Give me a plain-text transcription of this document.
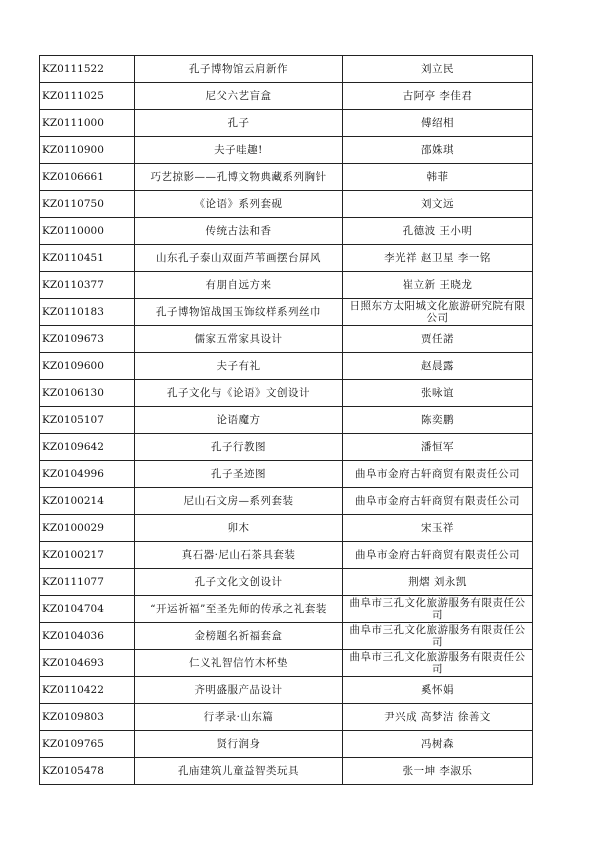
KZ0111522	孔子博物馆云肩新作	刘立民
KZ0111025	尼父六艺盲盒	古阿亭 李佳君
KZ0111000	孔子	傅绍相
KZ0110900	夫子哇趣!	邵姝琪
KZ0106661	巧艺掠影——孔博文物典藏系列胸针	韩菲
KZ0110750	《论语》系列套砚	刘文远
KZ0110000	传统古法和香	孔德波 王小明
KZ0110451	山东孔子泰山双面芦苇画摆台屏风	李光祥 赵卫星 李一铭
KZ0110377	有朋自远方来	崔立新 王晓龙
KZ0110183	孔子博物馆战国玉饰纹样系列丝巾	日照东方太阳城文化旅游研究院有限公司
KZ0109673	儒家五常家具设计	贾任諾
KZ0109600	夫子有礼	赵晨露
KZ0106130	孔子文化与《论语》文创设计	张咏谊
KZ0105107	论语魔方	陈奕鹏
KZ0109642	孔子行教图	潘恒军
KZ0104996	孔子圣迹图	曲阜市金府古轩商贸有限责任公司
KZ0100214	尼山石文房—系列套装	曲阜市金府古轩商贸有限责任公司
KZ0100029	卯木	宋玉祥
KZ0100217	真石器·尼山石茶具套装	曲阜市金府古轩商贸有限责任公司
KZ0111077	孔子文化文创设计	荆熠 刘永凯
KZ0104704	“开运祈福”至圣先师的传承之礼套装	曲阜市三孔文化旅游服务有限责任公司
KZ0104036	金榜题名祈福套盒	曲阜市三孔文化旅游服务有限责任公司
KZ0104693	仁义礼智信竹木杯垫	曲阜市三孔文化旅游服务有限责任公司
KZ0110422	齐明盛服产品设计	奚怀娟
KZ0109803	行孝录·山东篇	尹兴成 高梦洁 徐善文
KZ0109765	贤行润身	冯树森
KZ0105478	孔庙建筑儿童益智类玩具	张一坤 李淑乐
